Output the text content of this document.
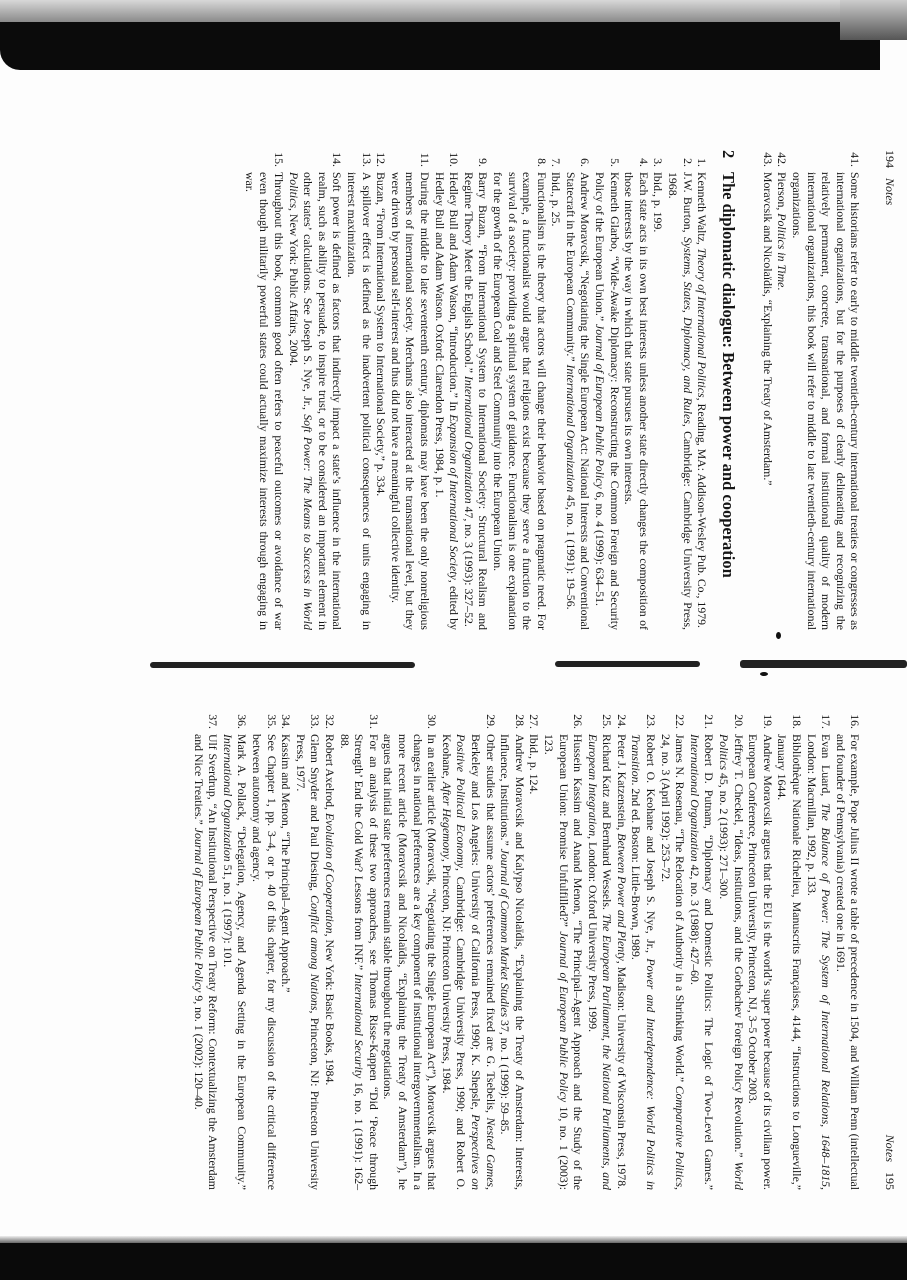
194Notes
41.
Some historians refer to early to middle twentieth-century international treaties or congresses as international organizations, but for the purposes of clearly delineating and recognizing the relatively permanent, concrete, transnational, and formal institutional quality of modern international organizations, this book will refer to middle to late twentieth-century international organizations.
42.
Pierson, Politics in Time.
43.
Moravcsik and Nicolaïdis, “Explaining the Treaty of Amsterdam.”
2
The diplomatic dialogue: Between power and cooperation
1.
Kenneth Waltz, Theory of International Politics, Reading, MA: Addison-Wesley Pub. Co., 1979.
2.
J.W. Burton, Systems, States, Diplomacy, and Rules, Cambridge: Cambridge University Press, 1968.
3.
Ibid., p. 199.
4.
Each state acts in its own best interests unless another state directly changes the composition of those interests by the way in which that state pursues its own interests.
5.
Kenneth Glarbo, “Wide-Awake Diplomacy: Reconstructing the Common Foreign and Security Policy of the European Union.” Journal of European Public Policy 6, no. 4 (1999): 634–51.
6.
Andrew Moravcsik, “Negotiating the Single European Act: National Interests and Conventional Statecraft in the European Community.” International Organization 45, no. 1 (1991): 19–56.
7.
Ibid., p. 25.
8.
Functionalism is the theory that actors will change their behavior based on pragmatic need. For example, a functionalist would argue that religions exist because they serve a function to the survival of a society: providing a spiritual system of guidance. Functionalism is one explanation for the growth of the European Coal and Steel Community into the European Union.
9.
Barry Buzan, “From International System to International Society: Structural Realism and Regime Theory Meet the English School.” International Organization 47, no. 3 (1993): 327–52.
10.
Hedley Bull and Adam Watson, “Introduction.” In Expansion of International Society, edited by Hedley Bull and Adam Watson. Oxford: Clarendon Press, 1984, p. 1.
11.
During the middle to late seventeenth century, diplomats may have been the only nonreligious members of international society. Merchants also interacted at the transnational level, but they were driven by personal self-interest and thus did not have a meaningful collective identity.
12.
Buzan, “From International System to International Society,” p. 334.
13.
A spillover effect is defined as the inadvertent political consequences of units engaging in interest maximization.
14.
Soft power is defined as factors that indirectly impact a state’s influence in the international realm, such as ability to persuade, to inspire trust, or to be considered an important element in other states’ calculations. See Joseph S. Nye, Jr., Soft Power: The Means to Success in World Politics, New York: Public Affairs, 2004.
15.
Throughout this book, common good often refers to peaceful outcomes or avoidance of war even though militarily powerful states could actually maximize interests through engaging in war.
Notes195
16.
For example, Pope Julius II wrote a table of precedence in 1504, and William Penn (intellectual and founder of Pennsylvania) created one in 1691.
17.
Evan Luard, The Balance of Power: The System of International Relations, 1648–1815, London: Macmillan, 1992, p. 133.
18.
Bibliothèque Nationale Richelieu, Manuscrits Françaises, 4144, “Instructions to Longueville,” January 1644.
19.
Andrew Moravcsik argues that the EU is the world’s super power because of its civilian power. European Conference, Princeton University, Princeton, NJ, 3–5 October 2003.
20.
Jeffrey T. Checkel, “Ideas, Institutions, and the Gorbachev Foreign Policy Revolution.” World Politics 45, no. 2 (1993): 271–300.
21.
Robert D. Putnam, “Diplomacy and Domestic Politics: The Logic of Two-Level Games.” International Organization 42, no. 3 (1988): 427–60.
22.
James N. Rosenau, “The Relocation of Authority in a Shrinking World.” Comparative Politics, 24, no. 3 (April 1992): 253–72.
23.
Robert O. Keohane and Joseph S. Nye, Jr., Power and Interdependence: World Politics in Transition. 2nd ed. Boston: Little-Brown, 1989.
24.
Peter J. Katzenstein, Between Power and Plenty, Madison: University of Wisconsin Press, 1978.
25.
Richard Katz and Bernhard Wessels. The European Parliament, the National Parliaments, and European Integration, London: Oxford University Press, 1999.
26.
Hussein Kassim and Anand Menon, “The Principal–Agent Approach and the Study of the European Union: Promise Unfulfilled?” Journal of European Public Policy 10, no. 1 (2003): 123.
27.
Ibid., p. 124.
28.
Andrew Moravcsik and Kalypso Nicolaïdis, “Explaining the Treaty of Amsterdam: Interests, Influence, Institutions.” Journal of Common Market Studies 37, no. 1 (1999): 59–85.
29.
Other studies that assume actors’ preferences remained fixed are G. Tsebelis, Nested Games, Berkeley and Los Angeles: University of California Press, 1990; K. Shepsle, Perspectives on Positive Political Economy, Cambridge: Cambridge University Press, 1990; and Robert O. Keohane, After Hegemony, Princeton, NJ: Princeton University Press, 1984.
30.
In an earlier article (Moravcsik, “Negotiating the Single European Act”), Moravcsik argues that changes in national preferences are a key component of institutional intergovernmentalism. In a more recent article (Moravcsik and Nicolaïdis, “Explaining the Treaty of Amsterdam”), he argues that initial state preferences remain stable throughout the negotiations.
31.
For an analysis of these two approaches, see Thomas Risse-Kappen “Did ‘Peace through Strength’ End the Cold War? Lessons from INF.” International Security 16, no. 1 (1991): 162–88.
32.
Robert Axelrod, Evolution of Cooperation, New York: Basic Books, 1984.
33.
Glenn Snyder and Paul Diesing, Conflict among Nations, Princeton, NJ: Princeton University Press, 1977.
34.
Kassim and Menon, “The Principal–Agent Approach.”
35.
See Chapter 1, pp. 3–4, or p. 40 of this chapter, for my discussion of the critical difference between autonomy and agency.
36.
Mark A. Pollack, “Delegation, Agency, and Agenda Setting in the European Community.” International Organization 51, no. 1 (1997): 101.
37.
Ulf Sverdrup, “An Institutional Perspective on Treaty Reform: Contextualizing the Amsterdam and Nice Treaties.” Journal of European Public Policy 9, no. 1 (2002): 120–40.
